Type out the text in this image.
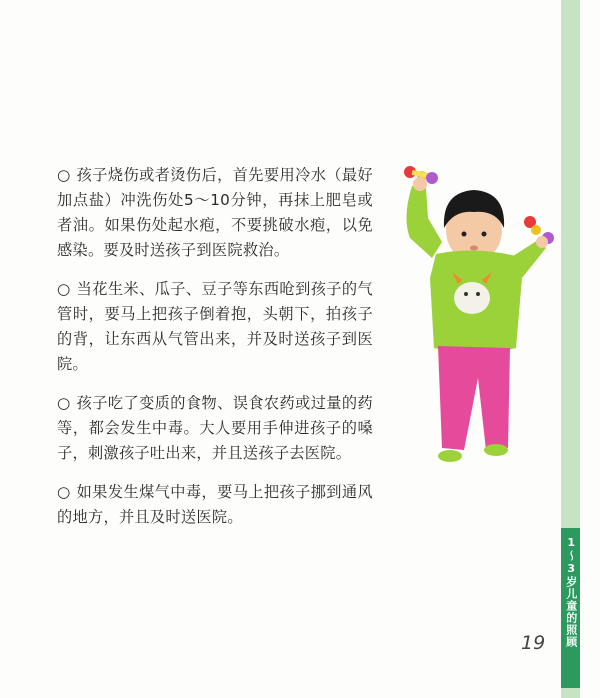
1～3岁儿童的照顾

○ 孩子烧伤或者烫伤后，首先要用冷水（最好加点盐）冲洗伤处5～10分钟，再抹上肥皂或者油。如果伤处起水疱，不要挑破水疱，以免感染。要及时送孩子到医院救治。

○ 当花生米、瓜子、豆子等东西呛到孩子的气管时，要马上把孩子倒着抱，头朝下，拍孩子的背，让东西从气管出来，并及时送孩子到医院。

○ 孩子吃了变质的食物、误食农药或过量的药等，都会发生中毒。大人要用手伸进孩子的嗓子，刺激孩子吐出来，并且送孩子去医院。

○ 如果发生煤气中毒，要马上把孩子挪到通风的地方，并且及时送医院。

19
